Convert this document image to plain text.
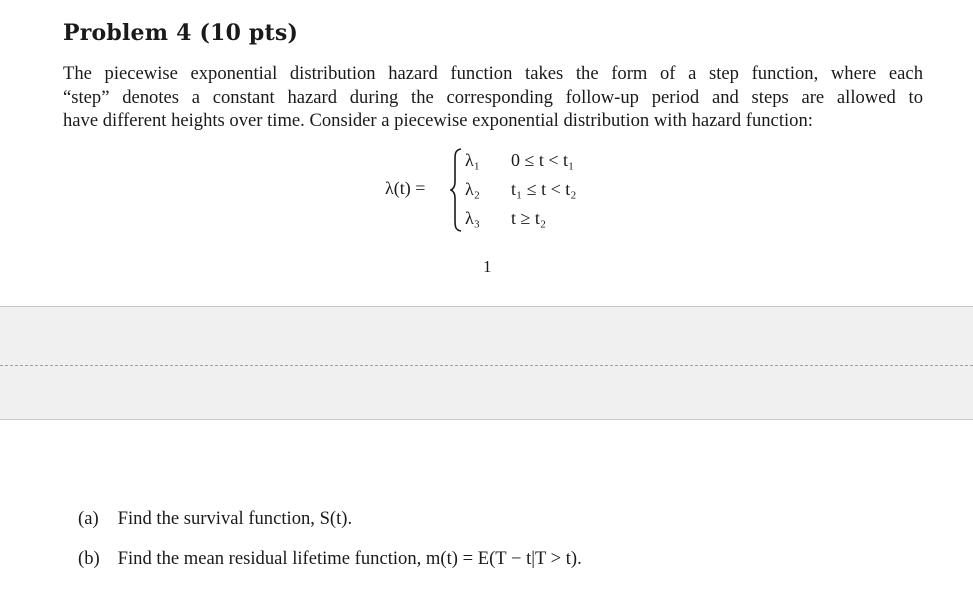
Problem 4 (10 pts)
The piecewise exponential distribution hazard function takes the form of a step function, where each
“step” denotes a constant hazard during the corresponding follow-up period and steps are allowed to
have different heights over time. Consider a piecewise exponential distribution with hazard function:
λ(t) =
λ₁ 0 ≤ t < t₁
λ₂ t₁ ≤ t < t₂
λ₃ t ≥ t₂
1
(a) Find the survival function, S(t).
(b) Find the mean residual lifetime function, m(t) = E(T − t|T > t).
